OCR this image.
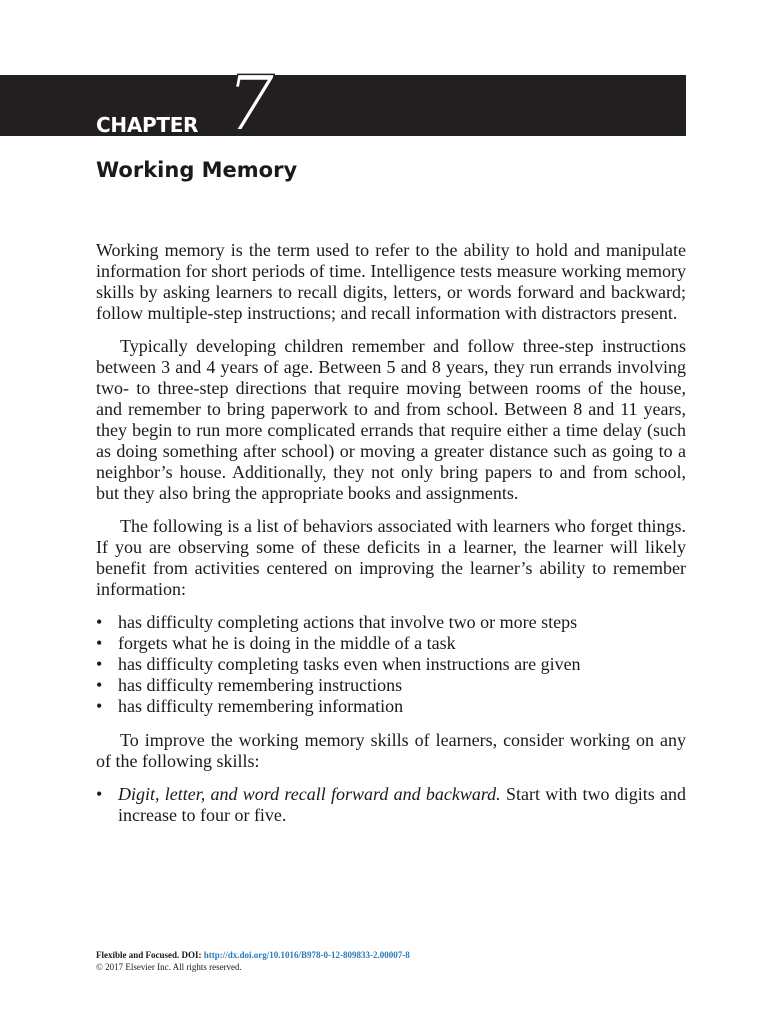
CHAPTER 7
Working Memory

Working memory is the term used to refer to the ability to hold and manipulate information for short periods of time. Intelligence tests measure working memory skills by asking learners to recall digits, letters, or words forward and backward; follow multiple-step instructions; and recall information with distractors present.

Typically developing children remember and follow three-step instructions between 3 and 4 years of age. Between 5 and 8 years, they run errands involving two- to three-step directions that require moving between rooms of the house, and remember to bring paperwork to and from school. Between 8 and 11 years, they begin to run more complicated errands that require either a time delay (such as doing something after school) or moving a greater distance such as going to a neighbor’s house. Additionally, they not only bring papers to and from school, but they also bring the appropriate books and assignments.

The following is a list of behaviors associated with learners who forget things. If you are observing some of these deficits in a learner, the learner will likely benefit from activities centered on improving the learner’s ability to remember information:

• has difficulty completing actions that involve two or more steps
• forgets what he is doing in the middle of a task
• has difficulty completing tasks even when instructions are given
• has difficulty remembering instructions
• has difficulty remembering information

To improve the working memory skills of learners, consider working on any of the following skills:

• Digit, letter, and word recall forward and backward. Start with two digits and increase to four or five.
Flexible and Focused. DOI: http://dx.doi.org/10.1016/B978-0-12-809833-2.00007-8
© 2017 Elsevier Inc. All rights reserved.
